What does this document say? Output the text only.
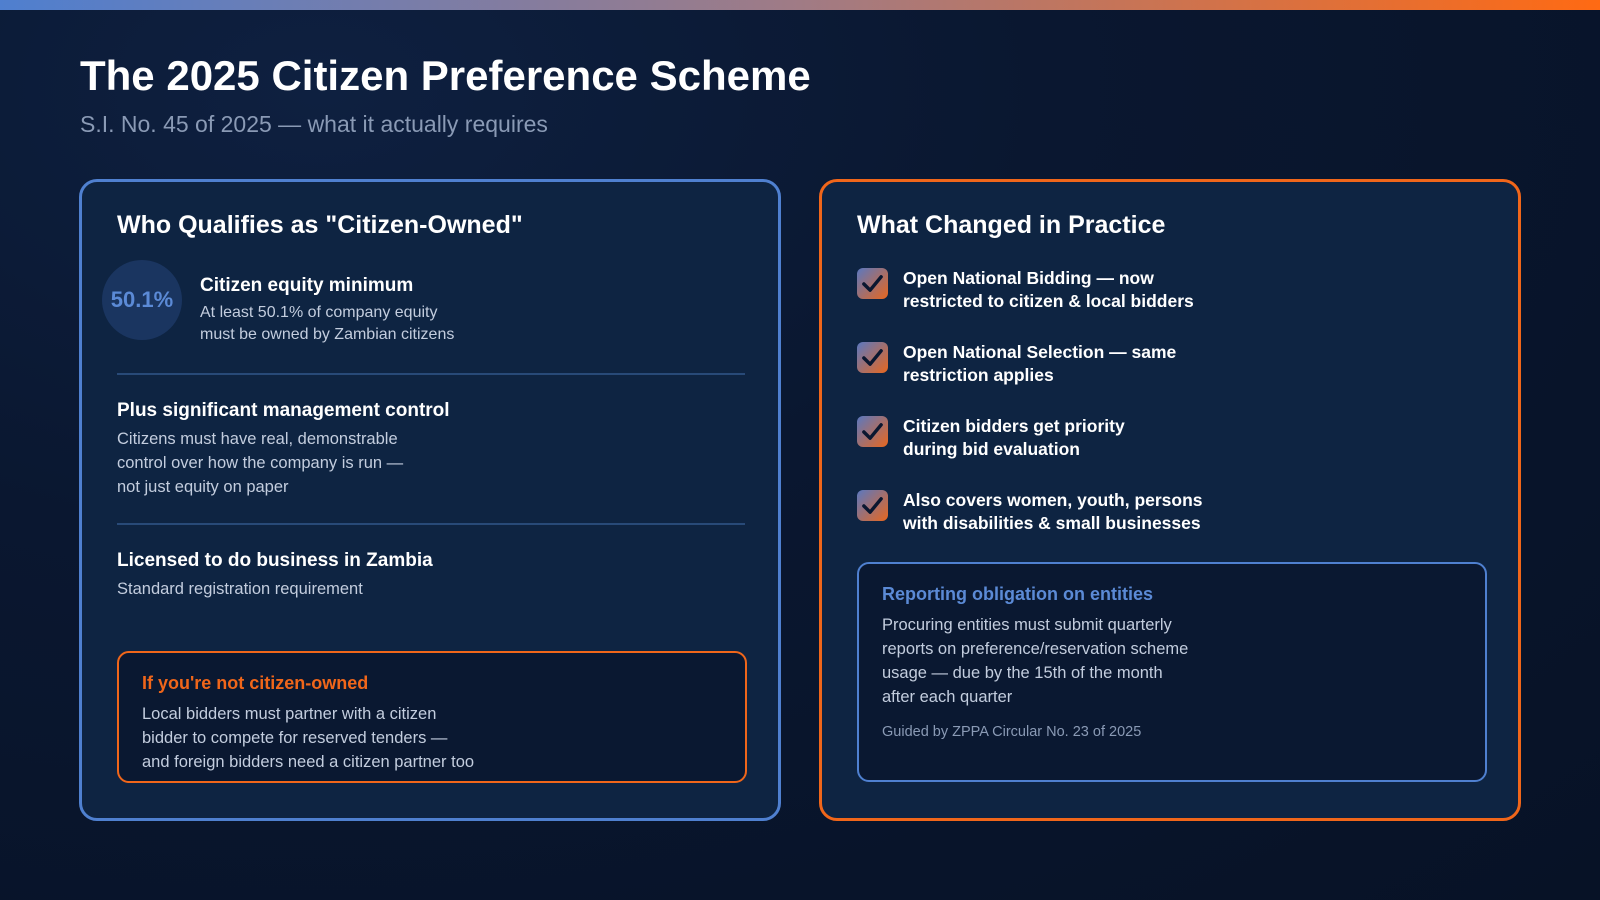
The 2025 Citizen Preference Scheme
S.I. No. 45 of 2025 — what it actually requires
Who Qualifies as "Citizen-Owned"
50.1%
Citizen equity minimum
At least 50.1% of company equity
must be owned by Zambian citizens
Plus significant management control
Citizens must have real, demonstrable
control over how the company is run —
not just equity on paper
Licensed to do business in Zambia
Standard registration requirement
If you're not citizen-owned
Local bidders must partner with a citizen
bidder to compete for reserved tenders —
and foreign bidders need a citizen partner too
What Changed in Practice
Open National Bidding — now
restricted to citizen & local bidders
Open National Selection — same
restriction applies
Citizen bidders get priority
during bid evaluation
Also covers women, youth, persons
with disabilities & small businesses
Reporting obligation on entities
Procuring entities must submit quarterly
reports on preference/reservation scheme
usage — due by the 15th of the month
after each quarter
Guided by ZPPA Circular No. 23 of 2025
